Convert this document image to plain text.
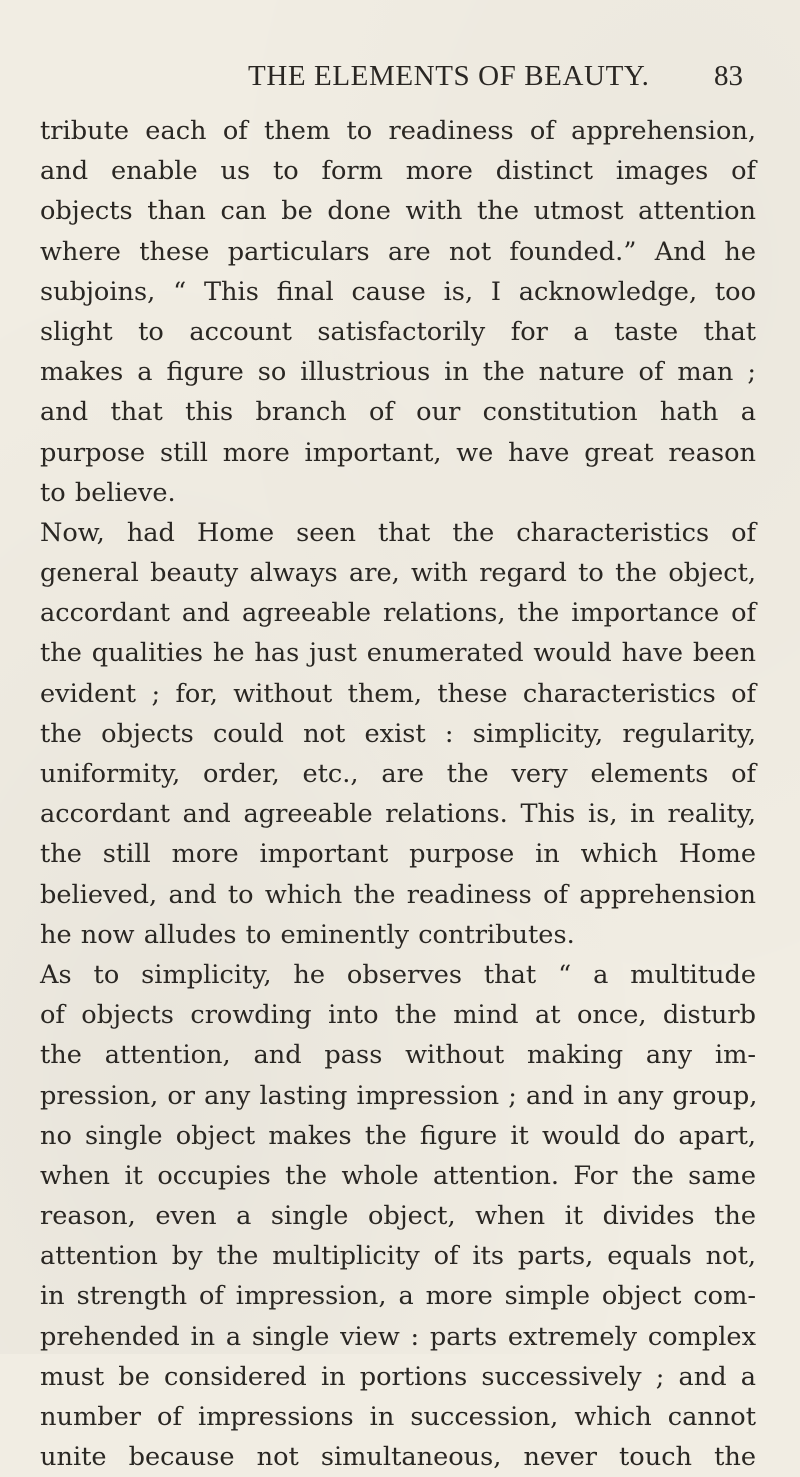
THE ELEMENTS OF BEAUTY. 83
tribute each of them to readiness of apprehension,
and enable us to form more distinct images of
objects than can be done with the utmost attention
where these particulars are not founded.” And he
subjoins, “ This final cause is, I acknowledge, too
slight to account satisfactorily for a taste that
makes a figure so illustrious in the nature of man ;
and that this branch of our constitution hath a
purpose still more important, we have great reason
to believe.
Now, had Home seen that the characteristics of
general beauty always are, with regard to the object,
accordant and agreeable relations, the importance of
the qualities he has just enumerated would have been
evident ; for, without them, these characteristics of
the objects could not exist : simplicity, regularity,
uniformity, order, etc., are the very elements of
accordant and agreeable relations. This is, in reality,
the still more important purpose in which Home
believed, and to which the readiness of apprehension
he now alludes to eminently contributes.
As to simplicity, he observes that “ a multitude
of objects crowding into the mind at once, disturb
the attention, and pass without making any im-
pression, or any lasting impression ; and in any group,
no single object makes the figure it would do apart,
when it occupies the whole attention. For the same
reason, even a single object, when it divides the
attention by the multiplicity of its parts, equals not,
in strength of impression, a more simple object com-
prehended in a single view : parts extremely complex
must be considered in portions successively ; and a
number of impressions in succession, which cannot
unite because not simultaneous, never touch the
